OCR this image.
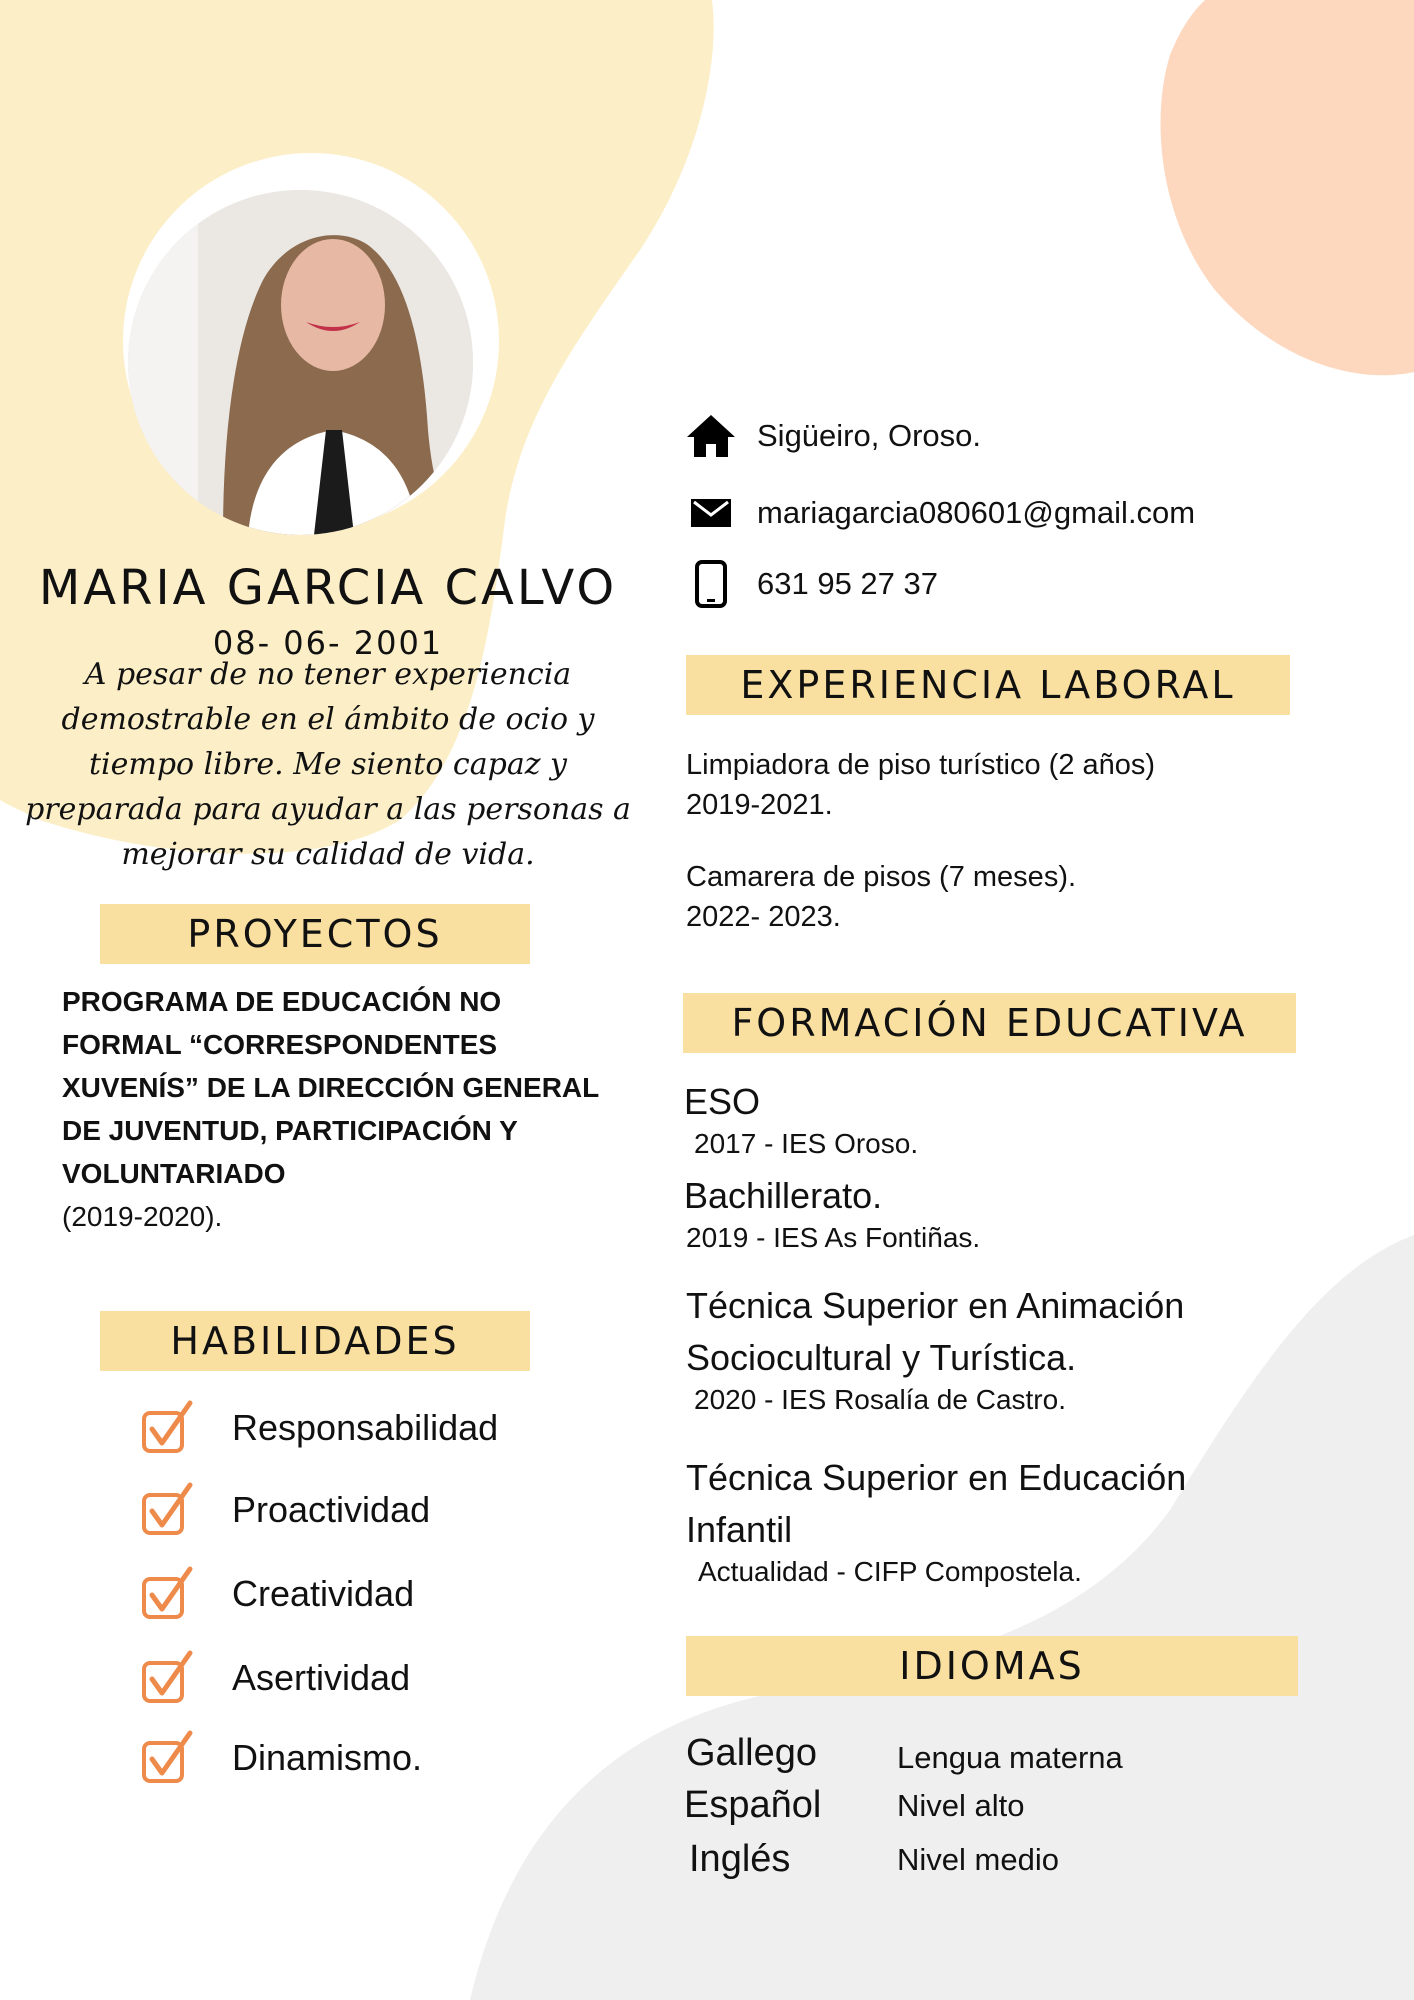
MARIA GARCIA CALVO
08- 06- 2001
A pesar de no tener experiencia demostrable en el ámbito de ocio y tiempo libre. Me siento capaz y preparada para ayudar a las personas a mejorar su calidad de vida.
PROYECTOS
PROGRAMA DE EDUCACIÓN NO FORMAL “CORRESPONDENTES XUVENÍS” DE LA DIRECCIÓN GENERAL DE JUVENTUD, PARTICIPACIÓN Y VOLUNTARIADO
(2019-2020).
HABILIDADES
Responsabilidad
Proactividad
Creatividad
Asertividad
Dinamismo.
Sigüeiro, Oroso.
mariagarcia080601@gmail.com
631 95 27 37
EXPERIENCIA LABORAL
Limpiadora de piso turístico (2 años)
2019-2021.
Camarera de pisos (7 meses).
2022- 2023.
FORMACIÓN EDUCATIVA
ESO
2017 - IES Oroso.
Bachillerato.
2019 - IES As Fontiñas.
Técnica Superior en Animación Sociocultural y Turística.
2020 - IES Rosalía de Castro.
Técnica Superior en Educación Infantil
Actualidad - CIFP Compostela.
IDIOMAS
Gallego	Lengua materna
Español Nivel alto
Inglés	Nivel medio
